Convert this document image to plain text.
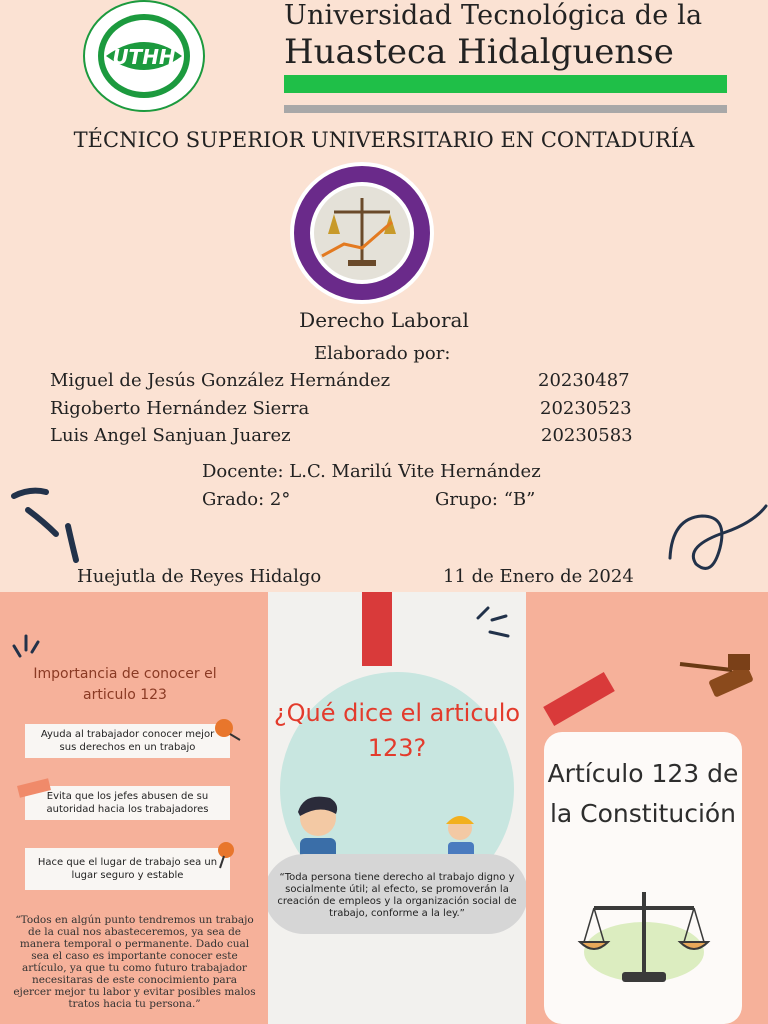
UTHH
Universidad Tecnológica de la
Huasteca Hidalguense
TÉCNICO SUPERIOR UNIVERSITARIO EN CONTADURÍA
Derecho Laboral
Elaborado por:
Miguel de Jesús González Hernández	20230487
Rigoberto Hernández Sierra	20230523
Luis Angel Sanjuan Juarez	20230583
Docente: L.C. Marilú Vite Hernández
Grado: 2°	Grupo: “B”
Huejutla de Reyes Hidalgo	11 de Enero de 2024
Importancia de conocer el articulo 123
Ayuda al trabajador conocer mejor sus derechos en un trabajo
Evita que los jefes abusen de su autoridad hacia los trabajadores
Hace que el lugar de trabajo sea un lugar seguro y estable
“Todos en algún punto tendremos un trabajo de la cual nos abasteceremos, ya sea de manera temporal o permanente. Dado cual sea el caso es importante conocer este artículo, ya que tu como futuro trabajador necesitaras de este conocimiento para ejercer mejor tu labor y evitar posibles malos tratos hacia tu persona.”
¿Qué dice el articulo 123?
“Toda persona tiene derecho al trabajo digno y socialmente útil; al efecto, se promoverán la creación de empleos y la organización social de trabajo, conforme a la ley.”
Artículo 123 de la Constitución
